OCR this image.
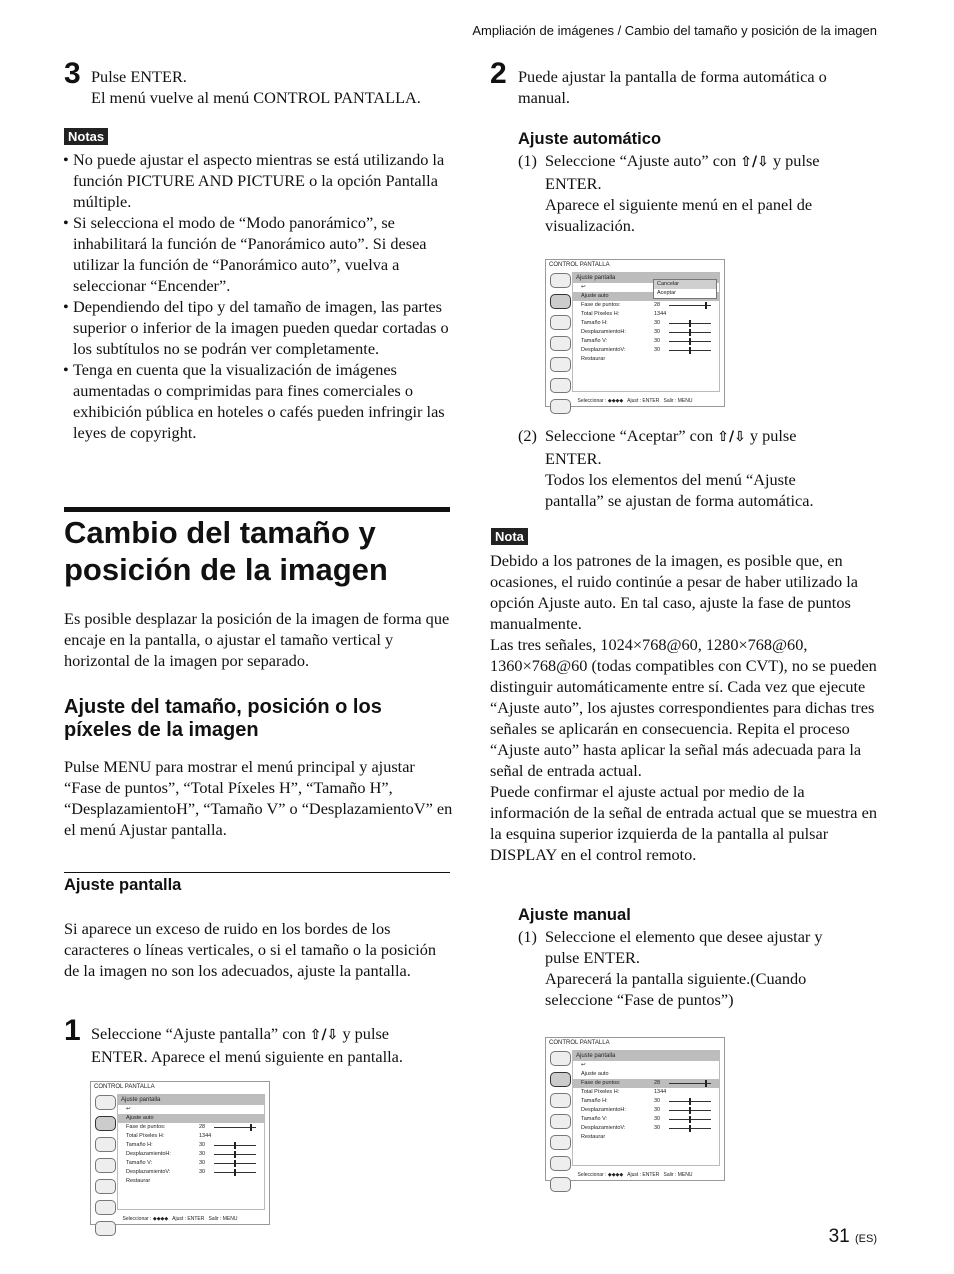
Ampliación de imágenes / Cambio del tamaño y posición de la imagen
3 Pulse ENTER.
El menú vuelve al menú CONTROL PANTALLA.
Notas
• No puede ajustar el aspecto mientras se está utilizando la función PICTURE AND PICTURE o la opción Pantalla múltiple.
• Si selecciona el modo de “Modo panorámico”, se inhabilitará la función de “Panorámico auto”. Si desea utilizar la función de “Panorámico auto”, vuelva a seleccionar “Encender”.
• Dependiendo del tipo y del tamaño de imagen, las partes superior o inferior de la imagen pueden quedar cortadas o los subtítulos no se podrán ver completamente.
• Tenga en cuenta que la visualización de imágenes aumentadas o comprimidas para fines comerciales o exhibición pública en hoteles o cafés pueden infringir las leyes de copyright.
Cambio del tamaño y
posición de la imagen
Es posible desplazar la posición de la imagen de forma que encaje en la pantalla, o ajustar el tamaño vertical y horizontal de la imagen por separado.
Ajuste del tamaño, posición o los
píxeles de la imagen
Pulse MENU para mostrar el menú principal y ajustar “Fase de puntos”, “Total Píxeles H”, “Tamaño H”, “DesplazamientoH”, “Tamaño V” o “DesplazamientoV” en el menú Ajustar pantalla.
Ajuste pantalla
Si aparece un exceso de ruido en los bordes de los caracteres o líneas verticales, o si el tamaño o la posición de la imagen no son los adecuados, ajuste la pantalla.
1 Seleccione “Ajuste pantalla” con ⇧/⇩ y pulse
ENTER. Aparece el menú siguiente en pantalla.
CONTROL PANTALLA
Ajuste pantalla
↩
Ajuste auto
Fase de puntos:	28
Total Píxeles H:	1344
Tamaño H:	30
DesplazamientoH:	30
Tamaño V:	30
DesplazamientoV:	30
Restaurar
Seleccionar : ◆◆◆◆   Ajust : ENTER Salir : MENU
2 Puede ajustar la pantalla de forma automática o
manual.
Ajuste automático
(1) Seleccione “Ajuste auto” con ⇧/⇩ y pulse
ENTER.
Aparece el siguiente menú en el panel de
visualización.
CONTROL PANTALLA
Ajuste pantalla
↩
Ajuste auto
Fase de puntos:	28
Total Píxeles H:	1344
Tamaño H:	30
DesplazamientoH:	30
Tamaño V:	30
DesplazamientoV:	30
Restaurar
Cancelar
Aceptar
Seleccionar : ◆◆◆◆   Ajust : ENTER Salir : MENU
(2) Seleccione “Aceptar” con ⇧/⇩ y pulse
ENTER.
Todos los elementos del menú “Ajuste
pantalla” se ajustan de forma automática.
Nota
Debido a los patrones de la imagen, es posible que, en ocasiones, el ruido continúe a pesar de haber utilizado la opción Ajuste auto. En tal caso, ajuste la fase de puntos manualmente.
Las tres señales, 1024×768@60, 1280×768@60, 1360×768@60 (todas compatibles con CVT), no se pueden distinguir automáticamente entre sí. Cada vez que ejecute “Ajuste auto”, los ajustes correspondientes para dichas tres señales se aplicarán en consecuencia. Repita el proceso “Ajuste auto” hasta aplicar la señal más adecuada para la señal de entrada actual.
Puede confirmar el ajuste actual por medio de la información de la señal de entrada actual que se muestra en la esquina superior izquierda de la pantalla al pulsar DISPLAY en el control remoto.
Ajuste manual
(1) Seleccione el elemento que desee ajustar y
pulse ENTER.
Aparecerá la pantalla siguiente.(Cuando
seleccione “Fase de puntos”)
CONTROL PANTALLA
Ajuste pantalla
↩
Ajuste auto
Fase de puntos:	28
Total Píxeles H:	1344
Tamaño H:	30
DesplazamientoH:	30
Tamaño V:	30
DesplazamientoV:	30
Restaurar
Seleccionar : ◆◆◆◆   Ajust : ENTER Salir : MENU
31 (ES)
